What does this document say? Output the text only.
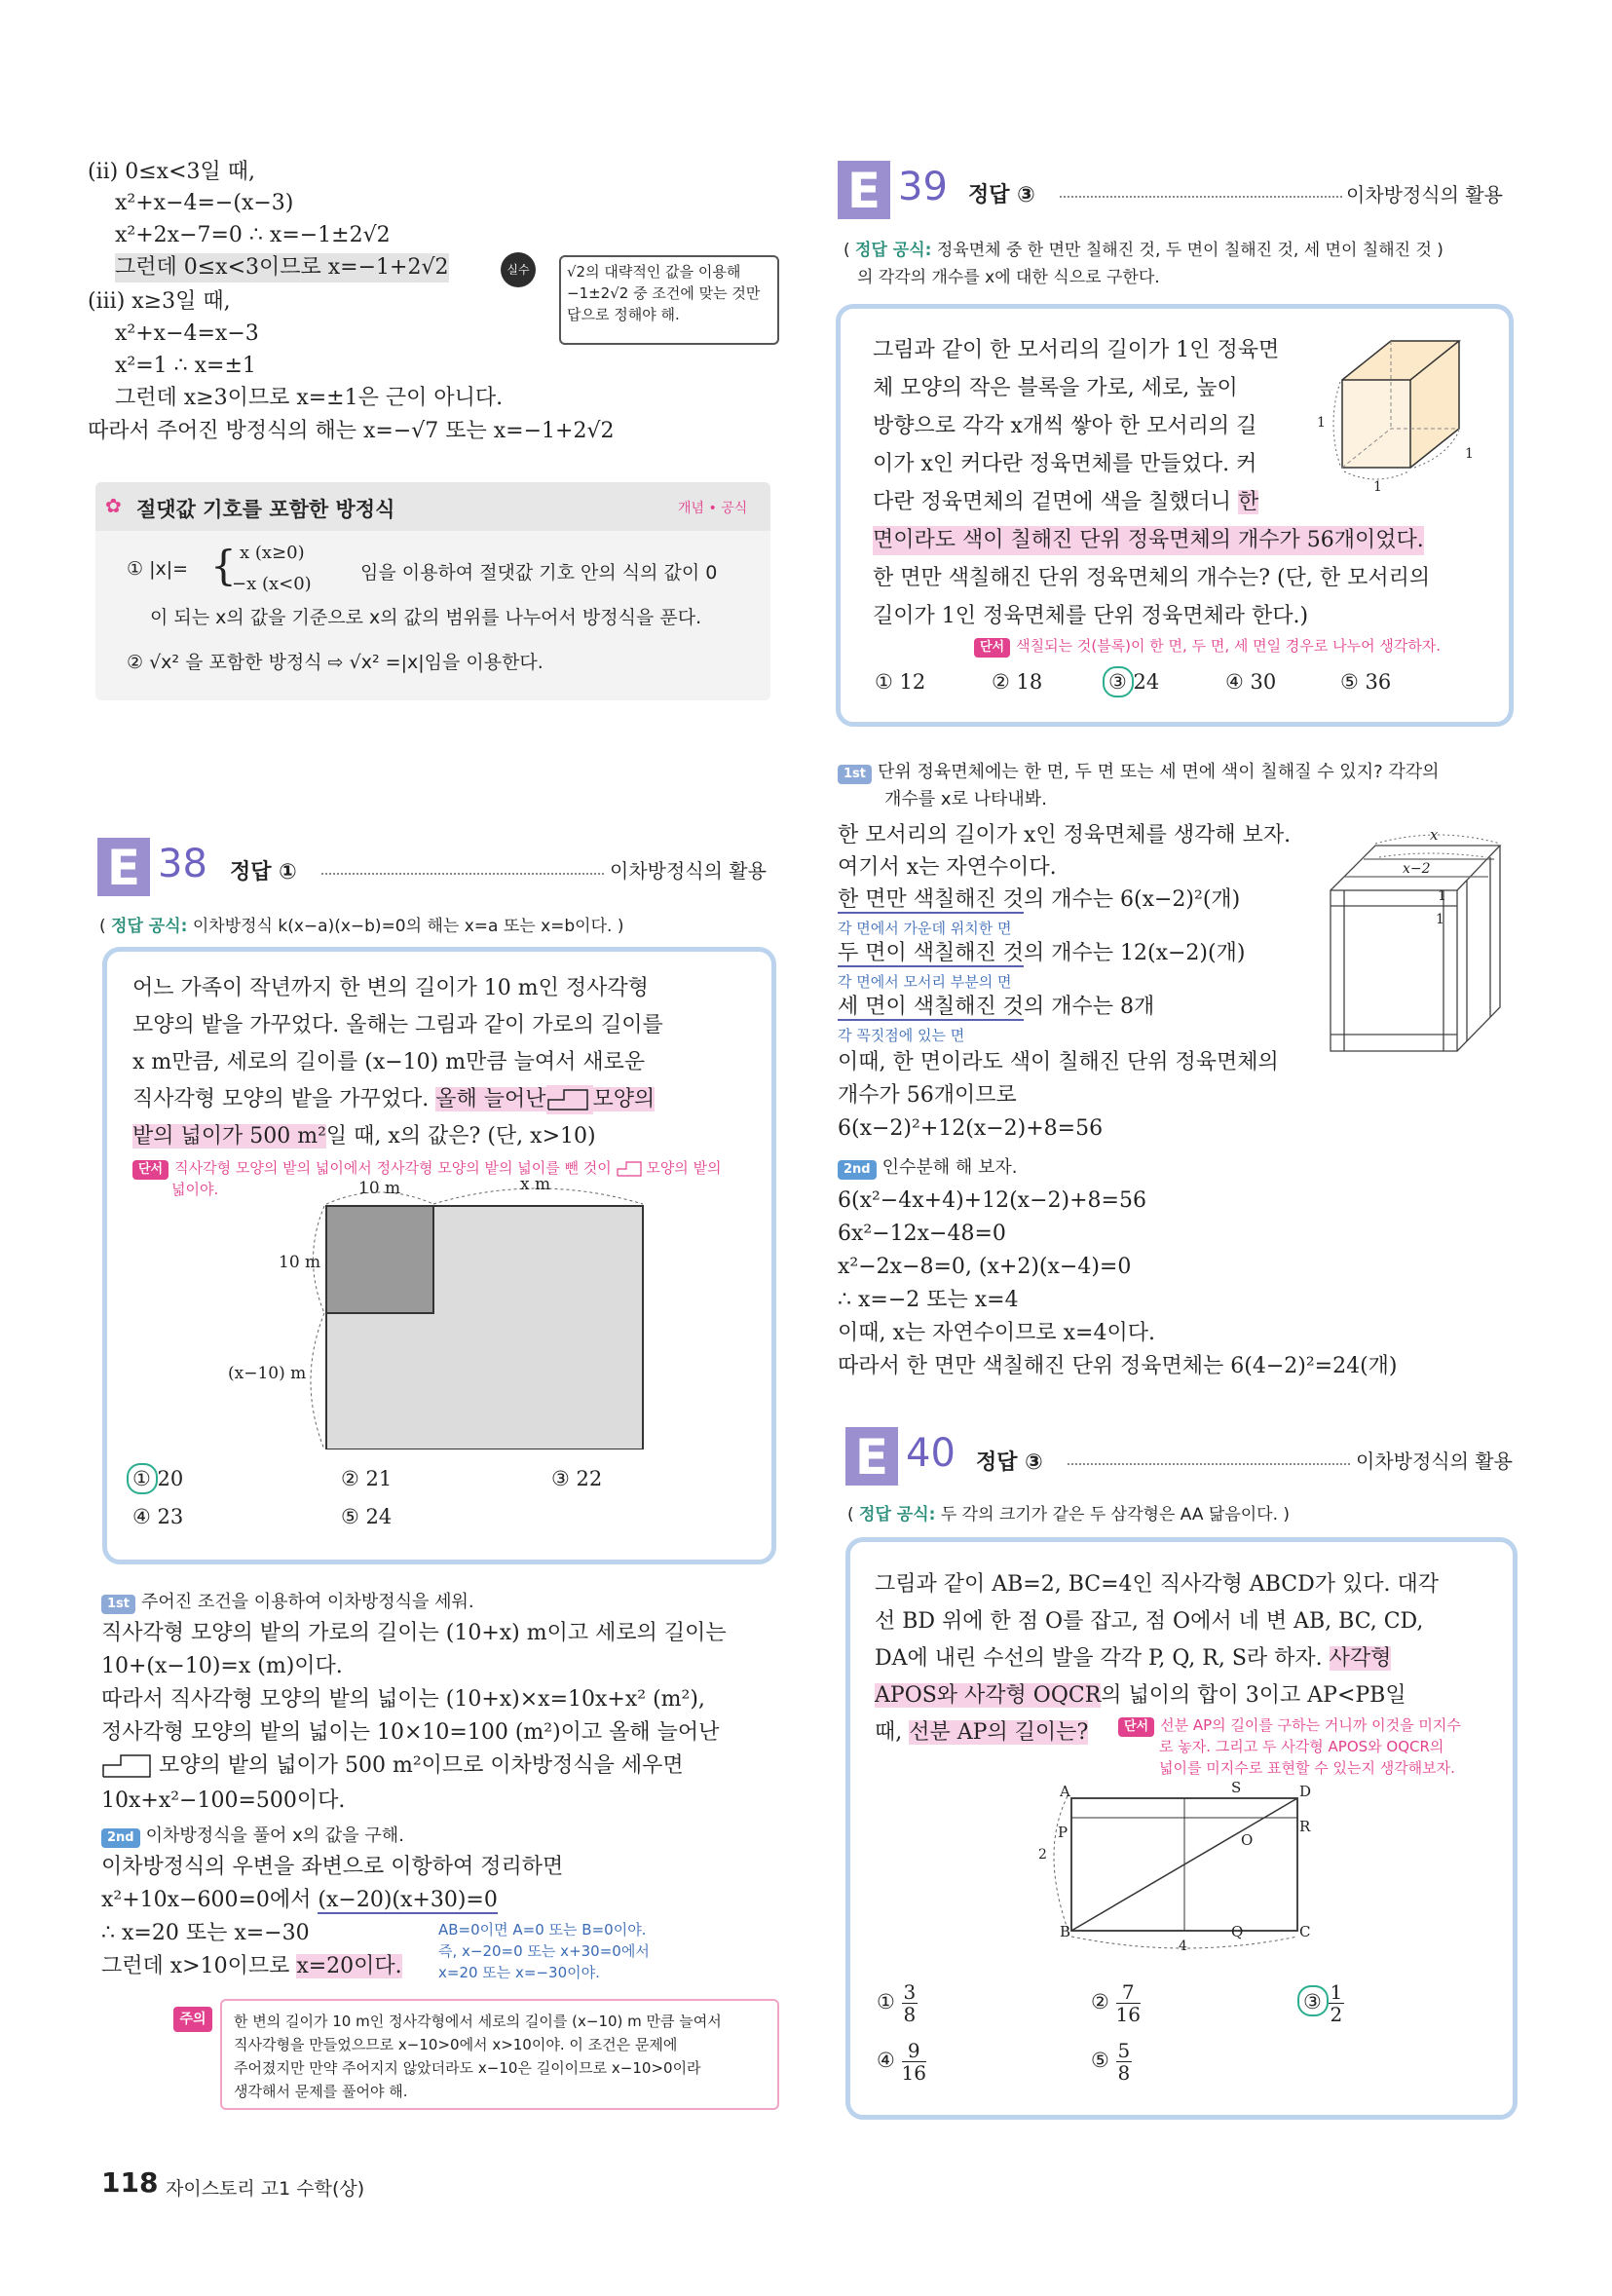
(ii) 0≤x<3일 때,
x²+x−4=−(x−3)
x²+2x−7=0 ∴ x=−1±2√2
그런데 0≤x<3이므로 x=−1+2√2	실수	√2의 대략적인 값을 이용해 −1±2√2 중 조건에 맞는 것만 답으로 정해야 해.
(iii) x≥3일 때,
x²+x−4=x−3
x²=1 ∴ x=±1
그런데 x≥3이므로 x=±1은 근이 아니다.
따라서 주어진 방정식의 해는 x=−√7 또는 x=−1+2√2
✿ 절댓값 기호를 포함한 방정식	개념 • 공식
① |x|= { x (x≥0)
−x (x<0)
임을 이용하여 절댓값 기호 안의 식의 값이 0
이 되는 x의 값을 기준으로 x의 값의 범위를 나누어서 방정식을 푼다.
② √x² 을 포함한 방정식 ⇨ √x² =|x|임을 이용한다.
E 38 정답 ①	이차방정식의 활용
( 정답 공식: 이차방정식 k(x−a)(x−b)=0의 해는 x=a 또는 x=b이다. )
어느 가족이 작년까지 한 변의 길이가 10 m인 정사각형
모양의 밭을 가꾸었다. 올해는 그림과 같이 가로의 길이를
x m만큼, 세로의 길이를 (x−10) m만큼 늘여서 새로운
직사각형 모양의 밭을 가꾸었다. 올해 늘어난 모양의
밭의 넓이가 500 m²일 때, x의 값은? (단, x>10)
단서 직사각형 모양의 밭의 넓이에서 정사각형 모양의 밭의 넓이를 뺀 것이 모양의 밭의
넓이야.	10 m	x m
10 m
(x−10) m
① 20	② 21	③ 22
④ 23	⑤ 24
1st 주어진 조건을 이용하여 이차방정식을 세워.
직사각형 모양의 밭의 가로의 길이는 (10+x) m이고 세로의 길이는
10+(x−10)=x (m)이다.
따라서 직사각형 모양의 밭의 넓이는 (10+x)×x=10x+x² (m²),
정사각형 모양의 밭의 넓이는 10×10=100 (m²)이고 올해 늘어난
모양의 밭의 넓이가 500 m²이므로 이차방정식을 세우면
10x+x²−100=500이다.
2nd 이차방정식을 풀어 x의 값을 구해.
이차방정식의 우변을 좌변으로 이항하여 정리하면
x²+10x−600=0에서 (x−20)(x+30)=0
∴ x=20 또는 x=−30
그런데 x>10이므로 x=20이다.
AB=0이면 A=0 또는 B=0이야.
즉, x−20=0 또는 x+30=0에서
x=20 또는 x=−30이야.
주의	한 변의 길이가 10 m인 정사각형에서 세로의 길이를 (x−10) m 만큼 늘여서
직사각형을 만들었으므로 x−10>0에서 x>10이야. 이 조건은 문제에
주어졌지만 만약 주어지지 않았더라도 x−10은 길이이므로 x−10>0이라
생각해서 문제를 풀어야 해.
E 39 정답 ③	이차방정식의 활용
( 정답 공식: 정육면체 중 한 면만 칠해진 것, 두 면이 칠해진 것, 세 면이 칠해진 것 )
의 각각의 개수를 x에 대한 식으로 구한다.
그림과 같이 한 모서리의 길이가 1인 정육면
체 모양의 작은 블록을 가로, 세로, 높이
방향으로 각각 x개씩 쌓아 한 모서리의 길
이가 x인 커다란 정육면체를 만들었다. 커
다란 정육면체의 겉면에 색을 칠했더니 한
면이라도 색이 칠해진 단위 정육면체의 개수가 56개이었다.
한 면만 색칠해진 단위 정육면체의 개수는? (단, 한 모서리의
길이가 1인 정육면체를 단위 정육면체라 한다.)
단서 색칠되는 것(블록)이 한 면, 두 면, 세 면일 경우로 나누어 생각하자.
1
1
1
① 12	② 18	③ 24	④ 30	⑤ 36
1st 단위 정육면체에는 한 면, 두 면 또는 세 면에 색이 칠해질 수 있지? 각각의
개수를 x로 나타내봐.
한 모서리의 길이가 x인 정육면체를 생각해 보자.
여기서 x는 자연수이다.
한 면만 색칠해진 것의 개수는 6(x−2)²(개)
각 면에서 가운데 위치한 면
두 면이 색칠해진 것의 개수는 12(x−2)(개)
각 면에서 모서리 부분의 면
세 면이 색칠해진 것의 개수는 8개
각 꼭짓점에 있는 면
이때, 한 면이라도 색이 칠해진 단위 정육면체의
개수가 56개이므로
6(x−2)²+12(x−2)+8=56
2nd 인수분해 해 보자.
6(x²−4x+4)+12(x−2)+8=56
6x²−12x−48=0
x²−2x−8=0, (x+2)(x−4)=0
∴ x=−2 또는 x=4
이때, x는 자연수이므로 x=4이다.
따라서 한 면만 색칠해진 단위 정육면체는 6(4−2)²=24(개)
x
x−2
1
1
E 40 정답 ③	이차방정식의 활용
( 정답 공식: 두 각의 크기가 같은 두 삼각형은 AA 닮음이다. )
그림과 같이 AB=2, BC=4인 직사각형 ABCD가 있다. 대각
선 BD 위에 한 점 O를 잡고, 점 O에서 네 변 AB, BC, CD,
DA에 내린 수선의 발을 각각 P, Q, R, S라 하자. 사각형
APOS와 사각형 OQCR의 넓이의 합이 3이고 AP<PB일
때, 선분 AP의 길이는?	단서 선분 AP의 길이를 구하는 거니까 이것을 미지수
로 놓자. 그리고 두 사각형 APOS와 OQCR의
넓이를 미지수로 표현할 수 있는지 생각해보자.
A
B	C
D
P
Q
R
S
O
2
4
① $\frac{3}{8}$	② $\frac{7}{16}$	③ $\frac{1}{2}$
④ $\frac{9}{16}$	⑤ $\frac{5}{8}$
118 자이스토리 고1 수학(상)
